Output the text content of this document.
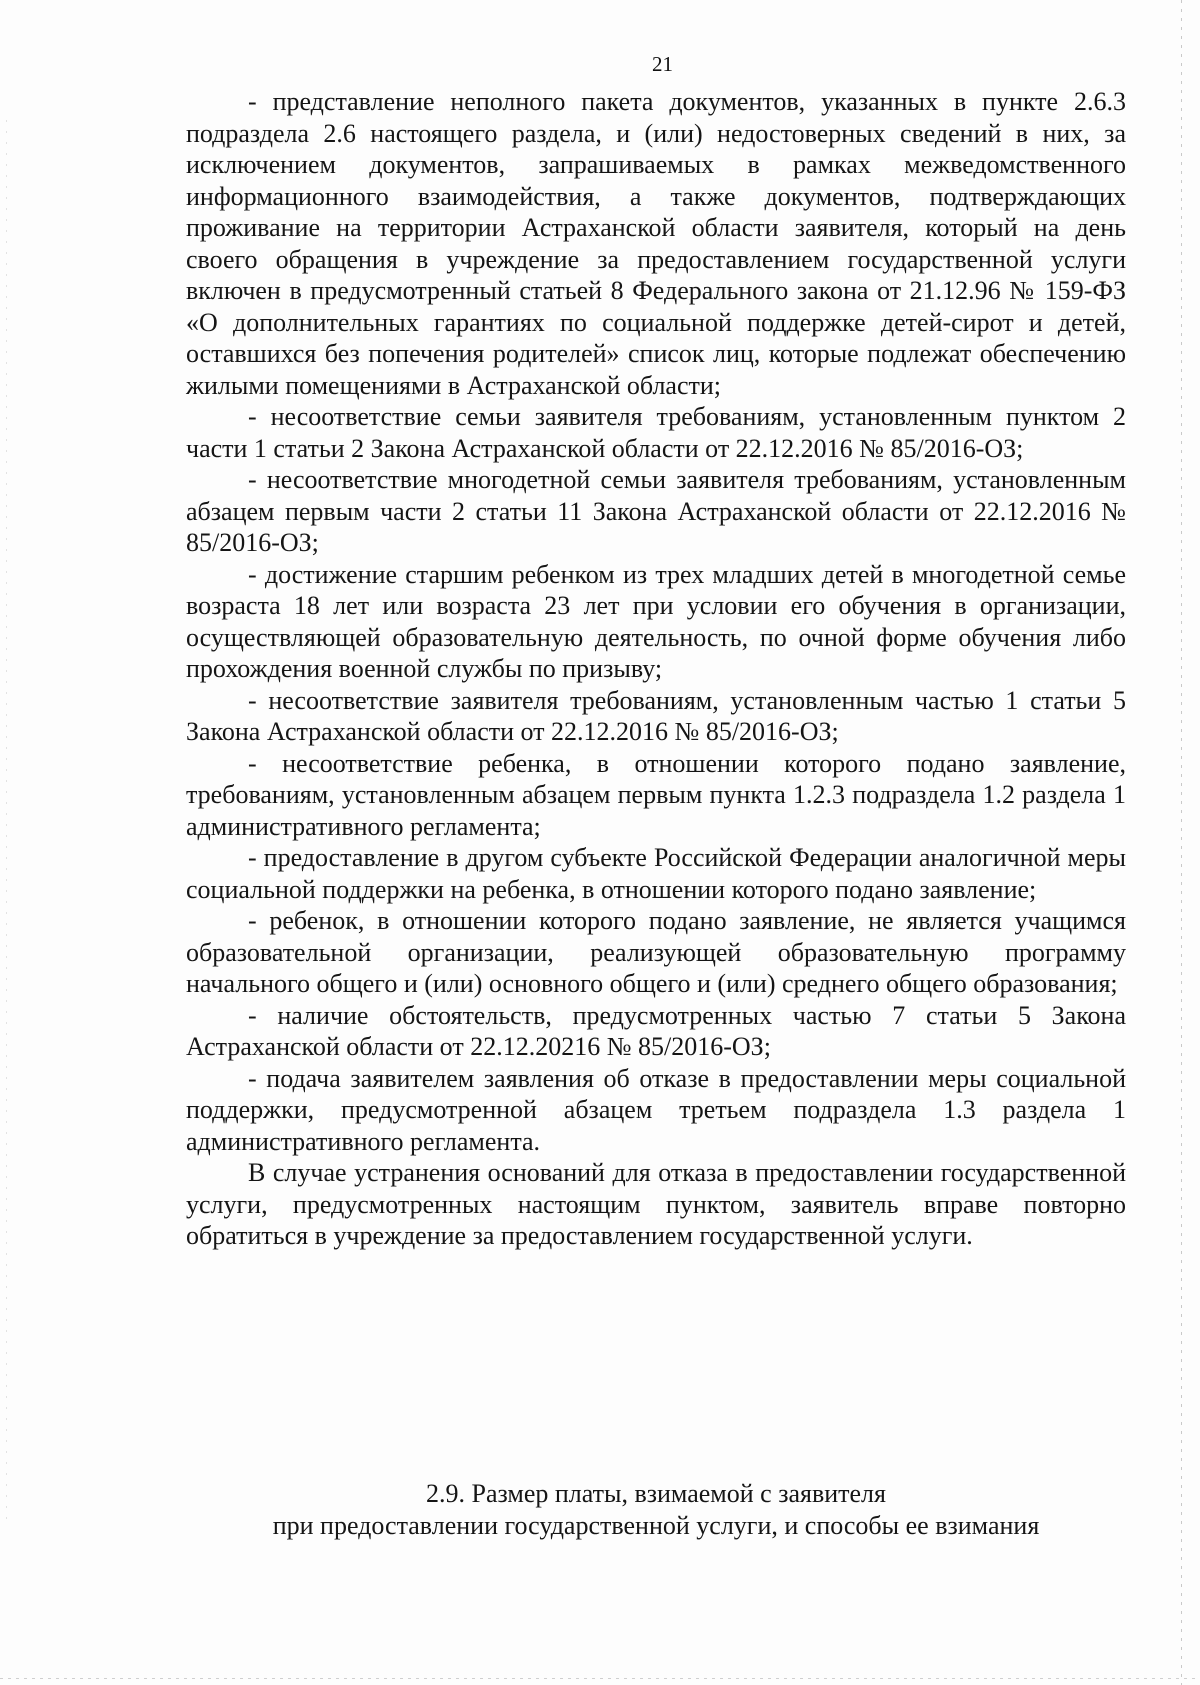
21

- представление неполного пакета документов, указанных в пункте 2.6.3 подраздела 2.6 настоящего раздела, и (или) недостоверных сведений в них, за исключением документов, запрашиваемых в рамках межведомственного информационного взаимодействия, а также документов, подтверждающих проживание на территории Астраханской области заявителя, который на день своего обращения в учреждение за предоставлением государственной услуги включен в предусмотренный статьей 8 Федерального закона от 21.12.96 № 159-ФЗ «О дополнительных гарантиях по социальной поддержке детей-сирот и детей, оставшихся без попечения родителей» список лиц, которые подлежат обеспечению жилыми помещениями в Астраханской области;

- несоответствие семьи заявителя требованиям, установленным пунктом 2 части 1 статьи 2 Закона Астраханской области от 22.12.2016 № 85/2016-ОЗ;

- несоответствие многодетной семьи заявителя требованиям, установленным абзацем первым части 2 статьи 11 Закона Астраханской области от 22.12.2016 № 85/2016-ОЗ;

- достижение старшим ребенком из трех младших детей в многодетной семье возраста 18 лет или возраста 23 лет при условии его обучения в организации, осуществляющей образовательную деятельность, по очной форме обучения либо прохождения военной службы по призыву;

- несоответствие заявителя требованиям, установленным частью 1 статьи 5 Закона Астраханской области от 22.12.2016 № 85/2016-ОЗ;

- несоответствие ребенка, в отношении которого подано заявление, требованиям, установленным абзацем первым пункта 1.2.3 подраздела 1.2 раздела 1 административного регламента;

- предоставление в другом субъекте Российской Федерации аналогичной меры социальной поддержки на ребенка, в отношении которого подано заявление;

- ребенок, в отношении которого подано заявление, не является учащимся образовательной организации, реализующей образовательную программу начального общего и (или) основного общего и (или) среднего общего образования;

- наличие обстоятельств, предусмотренных частью 7 статьи 5 Закона Астраханской области от 22.12.20216 № 85/2016-ОЗ;

- подача заявителем заявления об отказе в предоставлении меры социальной поддержки, предусмотренной абзацем третьем подраздела 1.3 раздела 1 административного регламента.

В случае устранения оснований для отказа в предоставлении государственной услуги, предусмотренных настоящим пунктом, заявитель вправе повторно обратиться в учреждение за предоставлением государственной услуги.

2.9. Размер платы, взимаемой с заявителя
при предоставлении государственной услуги, и способы ее взимания
